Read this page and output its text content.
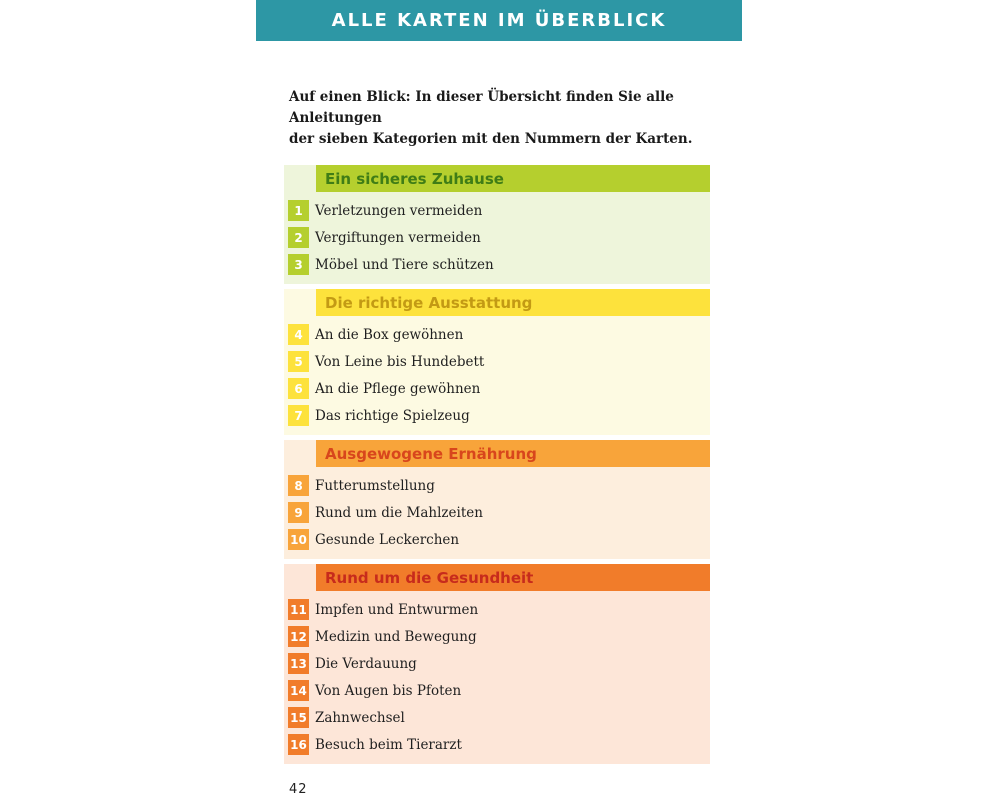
ALLE KARTEN IM ÜBERBLICK

Auf einen Blick: In dieser Übersicht finden Sie alle Anleitungen

der sieben Kategorien mit den Nummern der Karten.

Ein sicheres Zuhause
1 Verletzungen vermeiden
2 Vergiftungen vermeiden
3 Möbel und Tiere schützen
Die richtige Ausstattung
4 An die Box gewöhnen
5 Von Leine bis Hundebett
6 An die Pflege gewöhnen
7 Das richtige Spielzeug
Ausgewogene Ernährung
8 Futterumstellung
9 Rund um die Mahlzeiten
10 Gesunde Leckerchen
Rund um die Gesundheit
11 Impfen und Entwurmen
12 Medizin und Bewegung
13 Die Verdauung
14 Von Augen bis Pfoten
15 Zahnwechsel
16 Besuch beim Tierarzt
42
